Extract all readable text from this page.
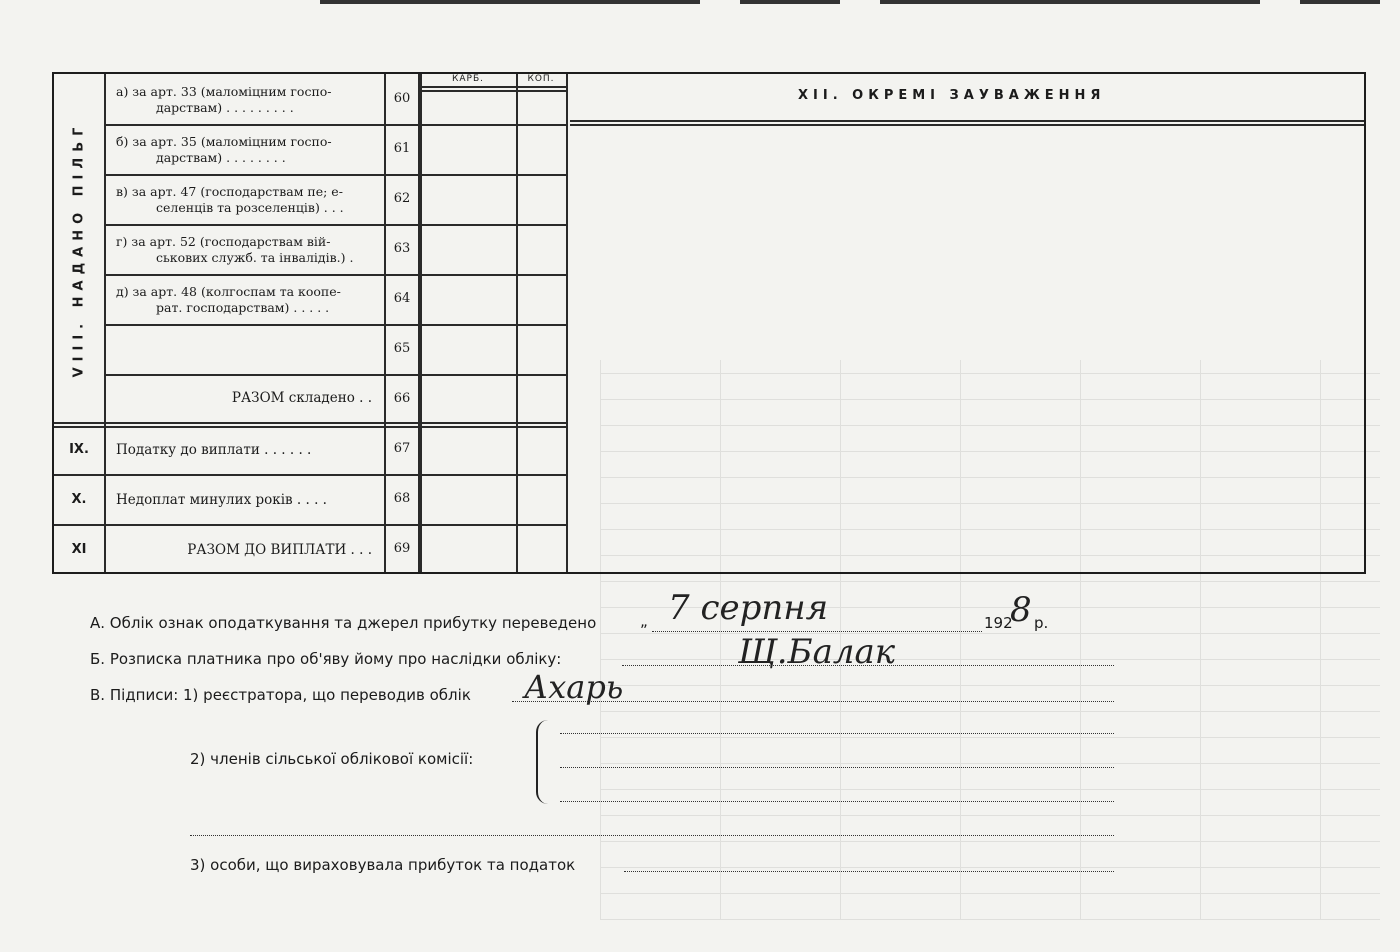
КАРБ.	КОП.
VIII. НАДАНО ПІЛЬГ
а) за арт. 33 (маломіцним госпо-
дарствам) . . . . . . . . .
60
б) за арт. 35 (маломіцним госпо-
дарствам) . . . . . . . .
61
в) за арт. 47 (господарствам пе; е-
селенців та розселенців) . . .
62
г) за арт. 52 (господарствам вій-
ськових служб. та інвалідів.) .
63
д) за арт. 48 (колгоспам та коопе-
рат. господарствам) . . . . .
64
65
РАЗОМ складено . .	66
IX.	Податку до виплати . . . . . .	67
X.	Недоплат минулих років . . . .	68
XI	РАЗОМ ДО ВИПЛАТИ . . .	69
XII. ОКРЕМІ ЗАУВАЖЕННЯ
А. Облік ознак оподаткування та джерел прибутку переведено	„ 7 серпня	192
8 р.
Б. Розписка платника про об'яву йому про наслідки обліку:	Щ.Балак
В. Підписи: 1) реєстратора, що переводив облік Ахарь
2) членів сільської облікової комісії:
3) особи, що вираховувала прибуток та податок
